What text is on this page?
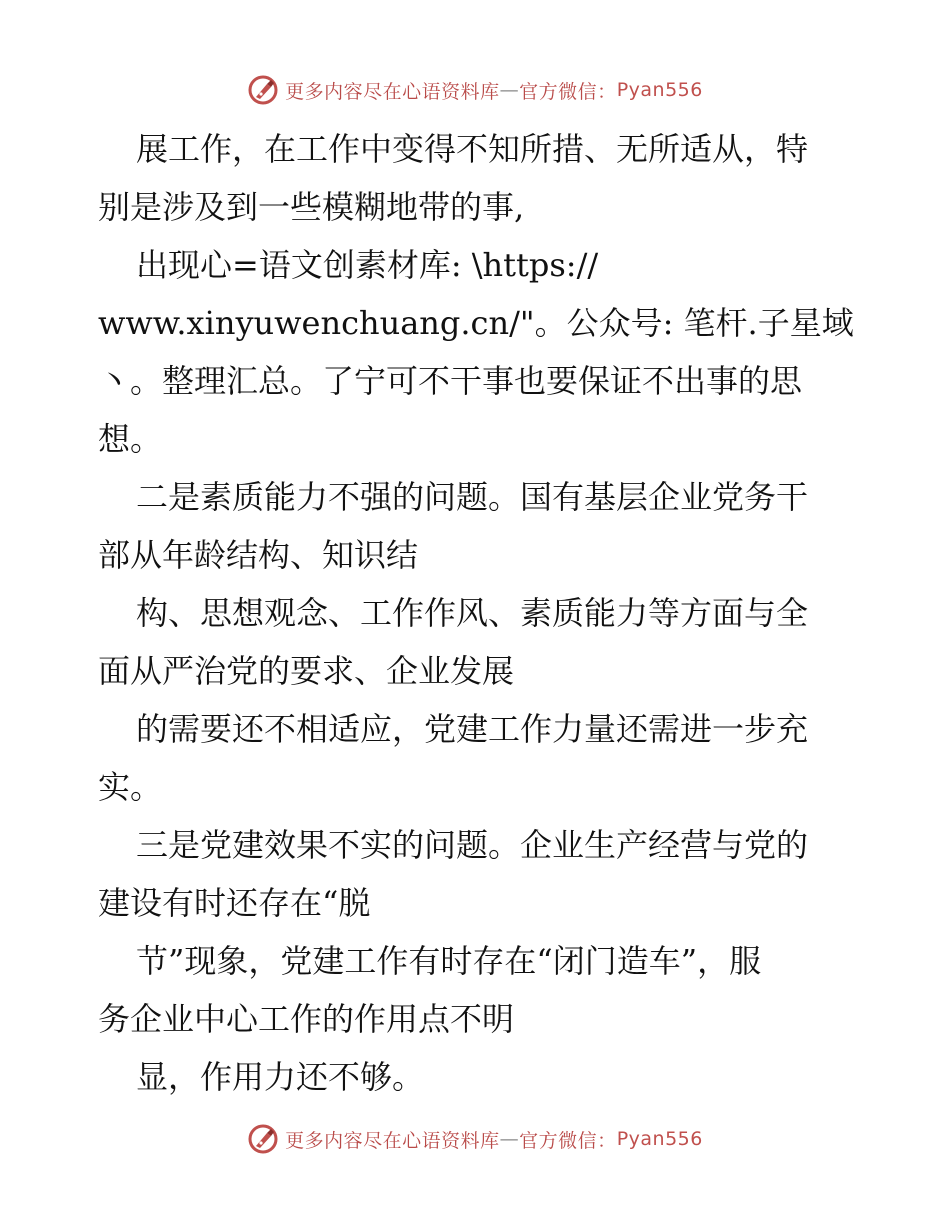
更多内容尽在心语资料库 — 官方微信： Pyan556
展工作，在工作中变得不知所措、无所适从，特
别是涉及到一些模糊地带的事,
出现心=语文创素材库: \https://
www.xinyuwenchuang.cn/"。公众号: 笔杆.子星域
丶。整理汇总。了宁可不干事也要保证不出事的思
想。
二是素质能力不强的问题。国有基层企业党务干
部从年龄结构、知识结
构、思想观念、工作作风、素质能力等方面与全
面从严治党的要求、企业发展
的需要还不相适应，党建工作力量还需进一步充
实。
三是党建效果不实的问题。企业生产经营与党的
建设有时还存在“脱
节”现象，党建工作有时存在“闭门造车”，服
务企业中心工作的作用点不明
显，作用力还不够。
更多内容尽在心语资料库 — 官方微信： Pyan556
